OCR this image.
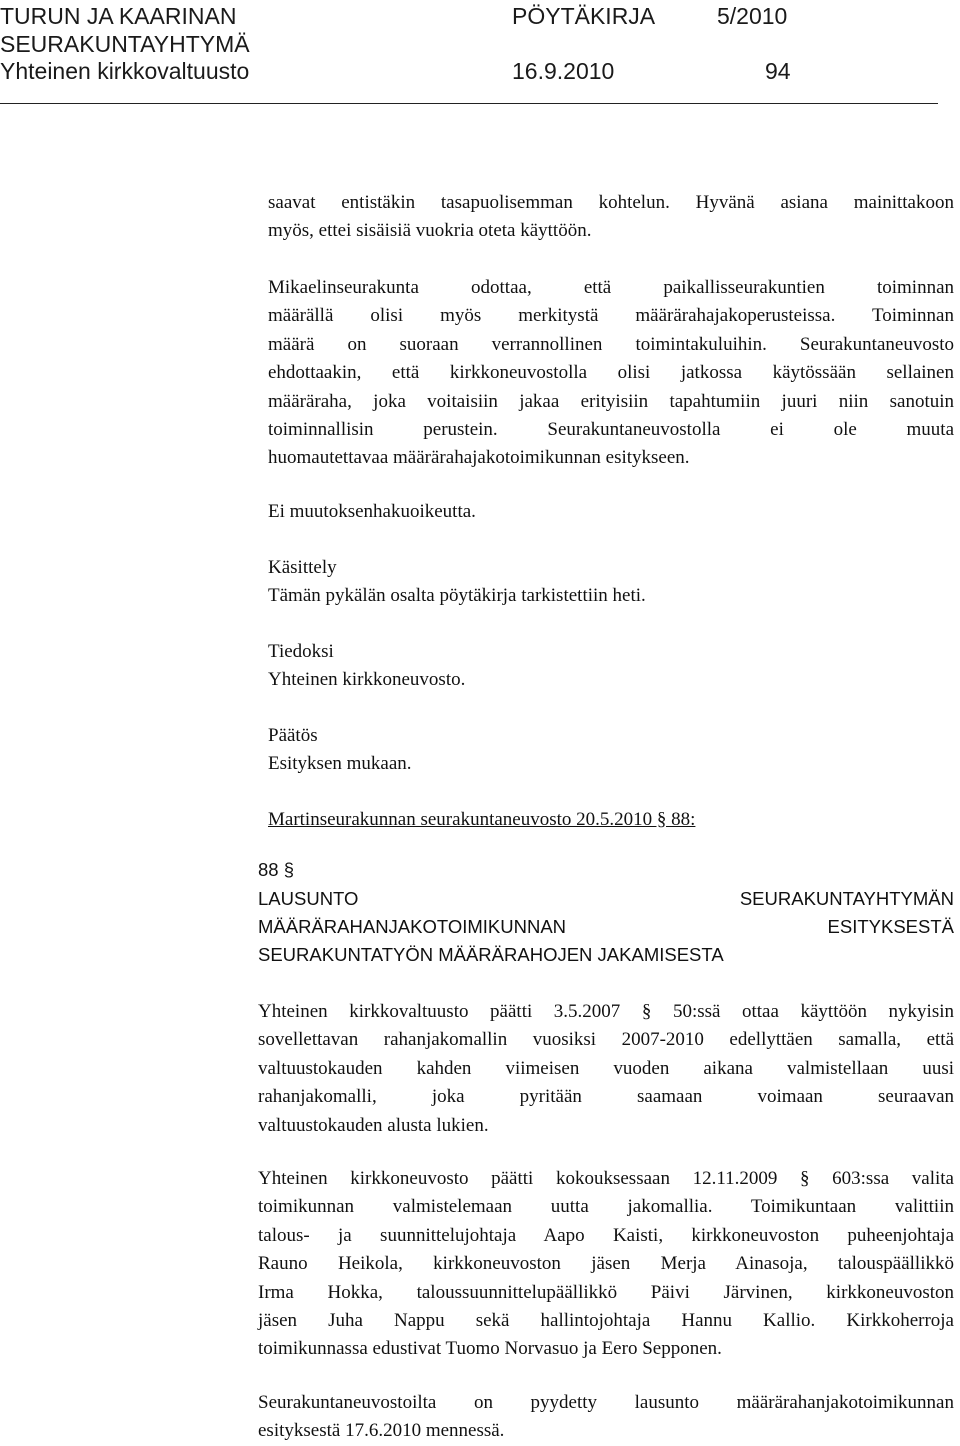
TURUN JA KAARINAN	PÖYTÄKIRJA	5/2010
SEURAKUNTAYHTYMÄ
Yhteinen kirkkovaltuusto	16.9.2010	94
saavat entistäkin tasapuolisemman kohtelun. Hyvänä asiana mainittakoon
myös, ettei sisäisiä vuokria oteta käyttöön.
Mikaelinseurakunta odottaa, että paikallisseurakuntien toiminnan
määrällä olisi myös merkitystä määrärahajakoperusteissa. Toiminnan
määrä on suoraan verrannollinen toimintakuluihin. Seurakuntaneuvosto
ehdottaakin, että kirkkoneuvostolla olisi jatkossa käytössään sellainen
määräraha, joka voitaisiin jakaa erityisiin tapahtumiin juuri niin sanotuin
toiminnallisin perustein. Seurakuntaneuvostolla ei ole muuta
huomautettavaa määrärahajakotoimikunnan esitykseen.
Ei muutoksenhakuoikeutta.
Käsittely
Tämän pykälän osalta pöytäkirja tarkistettiin heti.
Tiedoksi
Yhteinen kirkkoneuvosto.
Päätös
Esityksen mukaan.
Martinseurakunnan seurakuntaneuvosto 20.5.2010 § 88:
88 §
LAUSUNTO	SEURAKUNTAYHTYMÄN
MÄÄRÄRAHANJAKOTOIMIKUNNAN	ESITYKSESTÄ
SEURAKUNTATYÖN MÄÄRÄRAHOJEN JAKAMISESTA
Yhteinen kirkkovaltuusto päätti 3.5.2007 § 50:ssä ottaa käyttöön nykyisin
sovellettavan rahanjakomallin vuosiksi 2007-2010 edellyttäen samalla, että
valtuustokauden kahden viimeisen vuoden aikana valmistellaan uusi
rahanjakomalli, joka pyritään saamaan voimaan seuraavan
valtuustokauden alusta lukien.
Yhteinen kirkkoneuvosto päätti kokouksessaan 12.11.2009 § 603:ssa valita
toimikunnan valmistelemaan uutta jakomallia. Toimikuntaan valittiin
talous- ja suunnittelujohtaja Aapo Kaisti, kirkkoneuvoston puheenjohtaja
Rauno Heikola, kirkkoneuvoston jäsen Merja Ainasoja, talouspäällikkö
Irma Hokka, taloussuunnittelupäällikkö Päivi Järvinen, kirkkoneuvoston
jäsen Juha Nappu sekä hallintojohtaja Hannu Kallio. Kirkkoherroja
toimikunnassa edustivat Tuomo Norvasuo ja Eero Sepponen.
Seurakuntaneuvostoilta on pyydetty lausunto määrärahanjakotoimikunnan
esityksestä 17.6.2010 mennessä.
